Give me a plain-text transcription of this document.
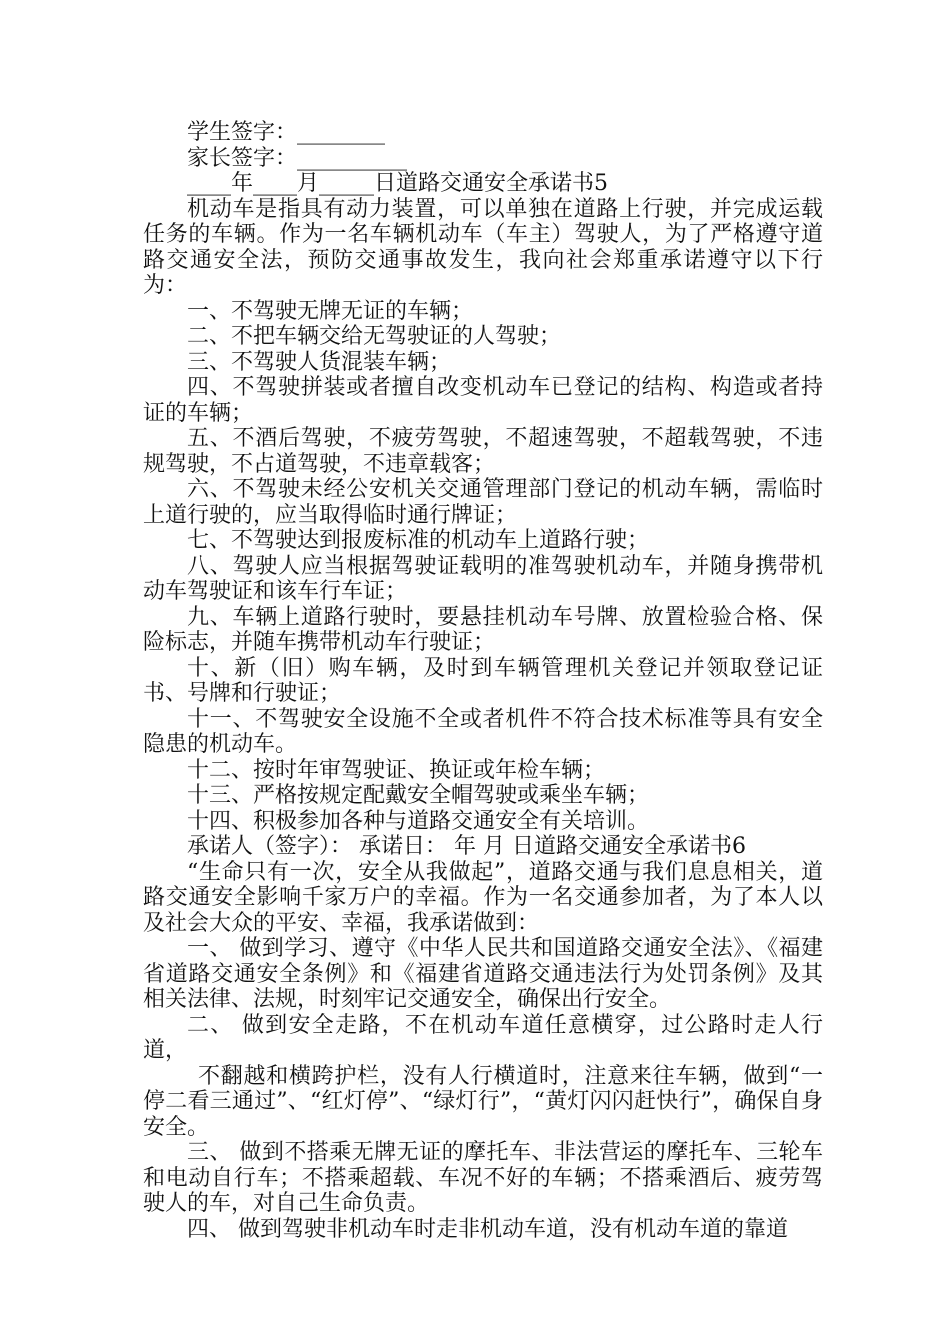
学生签字：________

家长签字：__________

____年____月_____日道路交通安全承诺书5

机动车是指具有动力装置，可以单独在道路上行驶，并完成运载任务的车辆。作为一名车辆机动车（车主）驾驶人，为了严格遵守道路交通安全法，预防交通事故发生，我向社会郑重承诺遵守以下行为：

一、不驾驶无牌无证的车辆；

二、不把车辆交给无驾驶证的人驾驶；

三、不驾驶人货混装车辆；

四、不驾驶拼装或者擅自改变机动车已登记的结构、构造或者持证的车辆；

五、不酒后驾驶，不疲劳驾驶，不超速驾驶，不超载驾驶，不违规驾驶，不占道驾驶，不违章载客；

六、不驾驶未经公安机关交通管理部门登记的机动车辆，需临时上道行驶的，应当取得临时通行牌证；

七、不驾驶达到报废标准的机动车上道路行驶；

八、驾驶人应当根据驾驶证载明的准驾驶机动车，并随身携带机动车驾驶证和该车行车证；

九、车辆上道路行驶时，要悬挂机动车号牌、放置检验合格、保险标志，并随车携带机动车行驶证；

十、新（旧）购车辆，及时到车辆管理机关登记并领取登记证书、号牌和行驶证；

十一、不驾驶安全设施不全或者机件不符合技术标准等具有安全隐患的机动车。

十二、按时年审驾驶证、换证或年检车辆；

十三、严格按规定配戴安全帽驾驶或乘坐车辆；

十四、积极参加各种与道路交通安全有关培训。

承诺人（签字）： 承诺日： 年 月 日道路交通安全承诺书6

“生命只有一次，安全从我做起”，道路交通与我们息息相关，道路交通安全影响千家万户的幸福。作为一名交通参加者，为了本人以及社会大众的平安、幸福，我承诺做到：

一、 做到学习、遵守《中华人民共和国道路交通安全法》、《福建省道路交通安全条例》和《福建省道路交通违法行为处罚条例》及其相关法律、法规，时刻牢记交通安全，确保出行安全。

二、 做到安全走路，不在机动车道任意横穿，过公路时走人行道，

不翻越和横跨护栏，没有人行横道时，注意来往车辆，做到“一停二看三通过”、“红灯停”、“绿灯行”，“黄灯闪闪赶快行”，确保自身安全。

三、 做到不搭乘无牌无证的摩托车、非法营运的摩托车、三轮车和电动自行车；不搭乘超载、车况不好的车辆；不搭乘酒后、疲劳驾驶人的车，对自己生命负责。

四、 做到驾驶非机动车时走非机动车道，没有机动车道的靠道
